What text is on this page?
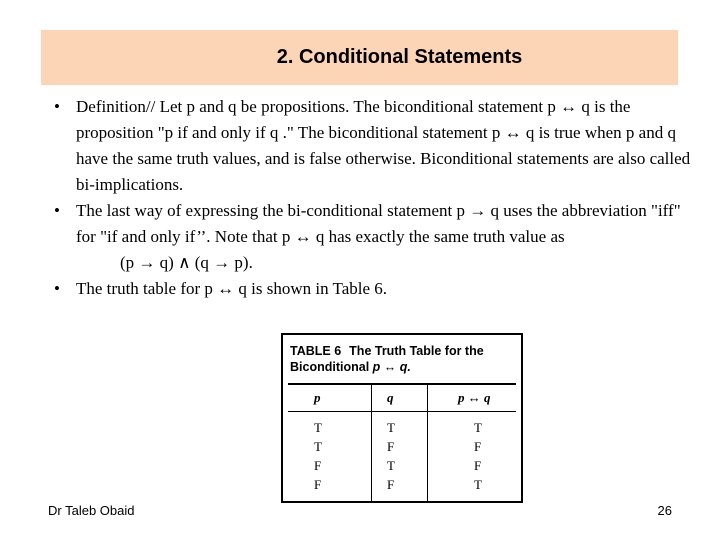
2. Conditional Statements
• Definition// Let p and q be propositions. The biconditional statement p ↔ q is the proposition "p if and only if q ." The biconditional statement p ↔ q is true when p and q have the same truth values, and is false otherwise. Biconditional statements are also called bi-implications.

• The last way of expressing the bi-conditional statement p → q uses the abbreviation "iff" for "if and only if’’. Note that p ↔ q has exactly the same truth value as

(p → q) ∧ (q → p).

• The truth table for p ↔ q is shown in Table 6.

TABLE 6 The Truth Table for the
Biconditional p ↔ q.
p	q	p ↔ q
T	T	T
T	F	F
F	T	F
F	F	T
Dr Taleb Obaid	26
